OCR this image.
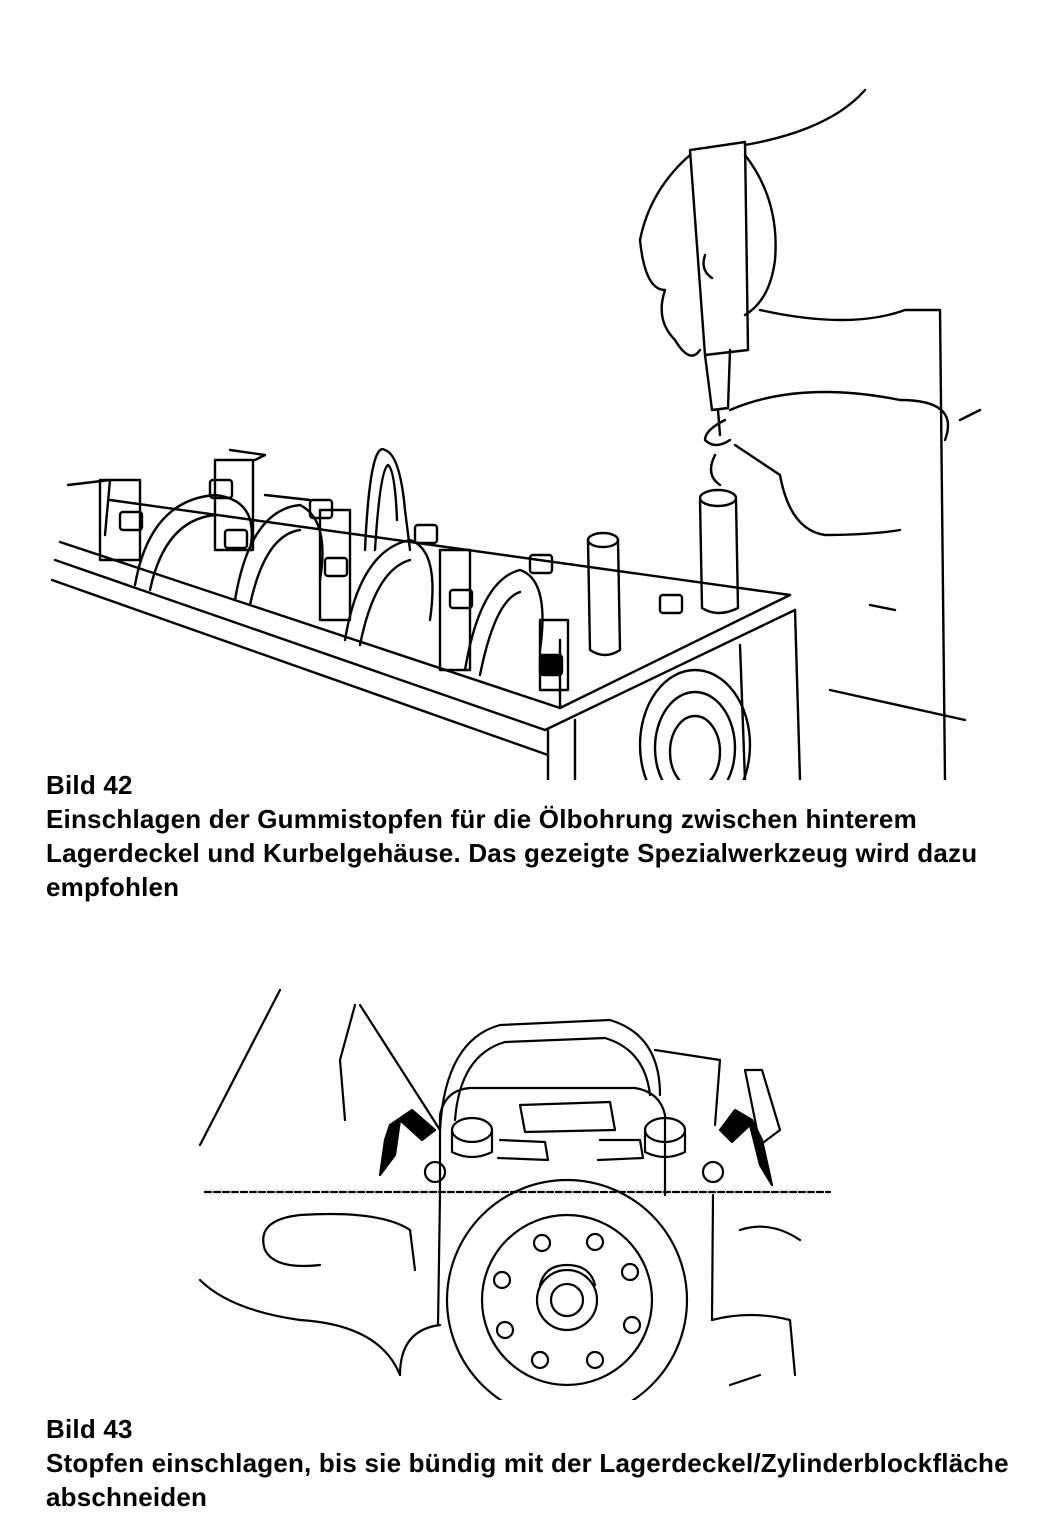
Bild 42
Einschlagen der Gummistopfen für die Ölbohrung zwischen hinterem Lagerdeckel und Kurbelgehäuse. Das gezeigte Spezialwerkzeug wird dazu empfohlen
Bild 43
Stopfen einschlagen, bis sie bündig mit der Lagerdeckel/Zylinderblockfläche abschneiden
